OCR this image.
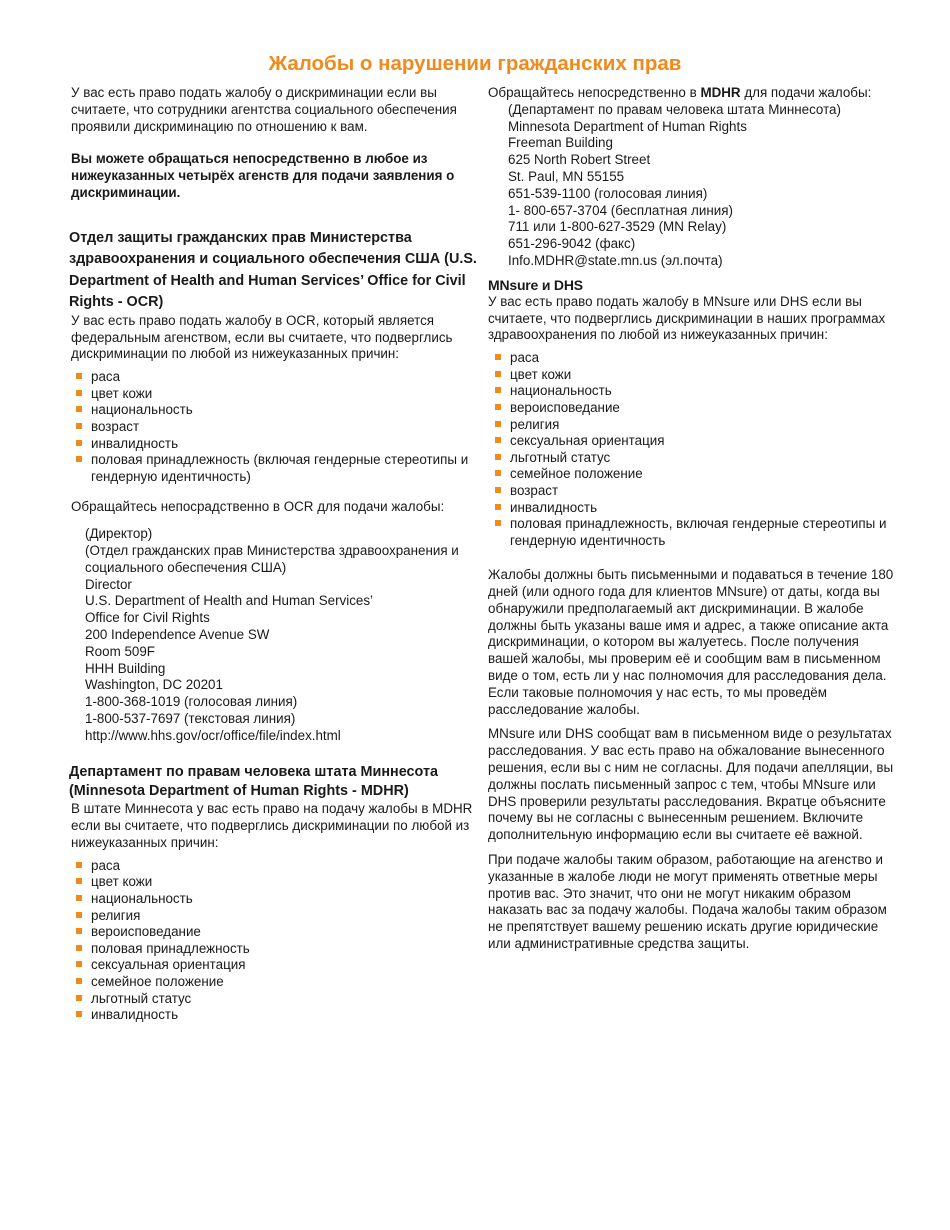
Жалобы о нарушении гражданских прав

У вас есть право подать жалобу о дискриминации если вы считаете, что сотрудники агентства социального обеспечения проявили дискриминацию по отношению к вам.

Вы можете обращаться непосредственно в любое из нижеуказанных четырёх агенств для подачи заявления о дискриминации.

Отдел защиты гражданских прав Министерства здравоохранения и социального обеспечения США (U.S. Department of Health and Human Services’ Office for Civil Rights - OCR)

У вас есть право подать жалобу в OCR, который является федеральным агенством, если вы считаете, что подверглись дискриминации по любой из нижеуказанных причин:

раса
цвет кожи
национальность
возраст
инвалидность
половая принадлежность (включая гендерные стереотипы и гендерную идентичность)

Обращайтесь непосрадственно в OCR для подачи жалобы:

(Директор)
(Отдел гражданских прав Министерства здравоохранения и
социального обеспечения США)
Director
U.S. Department of Health and Human Services’
Office for Civil Rights
200 Independence Avenue SW
Room 509F
HHH Building
Washington, DC 20201
1-800-368-1019 (голосовая линия)
1-800-537-7697 (текстовая линия)
http://www.hhs.gov/ocr/office/file/index.html
Департамент по правам человека штата Миннесота (Minnesota Department of Human Rights - MDHR)

В штате Миннесота у вас есть право на подачу жалобы в MDHR если вы считаете, что подверглись дискриминации по любой из нижеуказанных причин:

раса
цвет кожи
национальность
религия
вероисповедание
половая принадлежность
сексуальная ориентация
семейное положение
льготный статус
инвалидность

Обращайтесь непосредственно в MDHR для подачи жалобы:

(Департамент по правам человека штата Миннесота)
Minnesota Department of Human Rights
Freeman Building
625 North Robert Street
St. Paul, MN 55155
651-539-1100 (голосовая линия)
1- 800-657-3704 (бесплатная линия)
711 или 1-800-627-3529 (MN Relay)
651-296-9042 (факс)
Info.MDHR@state.mn.us (эл.почта)
MNsure и DHS

У вас есть право подать жалобу в MNsure или DHS если вы считаете, что подверглись дискриминации в наших программах здравоохранения по любой из нижеуказанных причин:

раса
цвет кожи
национальность
вероисповедание
религия
сексуальная ориентация
льготный статус
семейное положение
возраст
инвалидность
половая принадлежность, включая гендерные стереотипы и гендерную идентичность

Жалобы должны быть письменными и подаваться в течение 180 дней (или одного года для клиентов MNsure) от даты, когда вы обнаружили предполагаемый акт дискриминации. В жалобе должны быть указаны ваше имя и адрес, а также описание акта дискриминации, о котором вы жалуетесь. После получения вашей жалобы, мы проверим её и сообщим вам в письменном виде о том, есть ли у нас полномочия для расследования дела. Если таковые полномочия у нас есть, то мы проведём расследование жалобы.

MNsure или DHS сообщат вам в письменном виде о результатах расследования. У вас есть право на обжалование вынесенного решения, если вы с ним не согласны. Для подачи апелляции, вы должны послать письменный запрос с тем, чтобы MNsure или DHS проверили результаты расследования. Вкратце объясните почему вы не согласны с вынесенным решением. Включите дополнительную информацию если вы считаете её важной.

При подаче жалобы таким образом, работающие на агенство и указанные в жалобе люди не могут применять ответные меры против вас. Это значит, что они не могут никаким образом наказать вас за подачу жалобы. Подача жалобы таким образом не препятствует вашему решению искать другие юридические или административные средства защиты.
